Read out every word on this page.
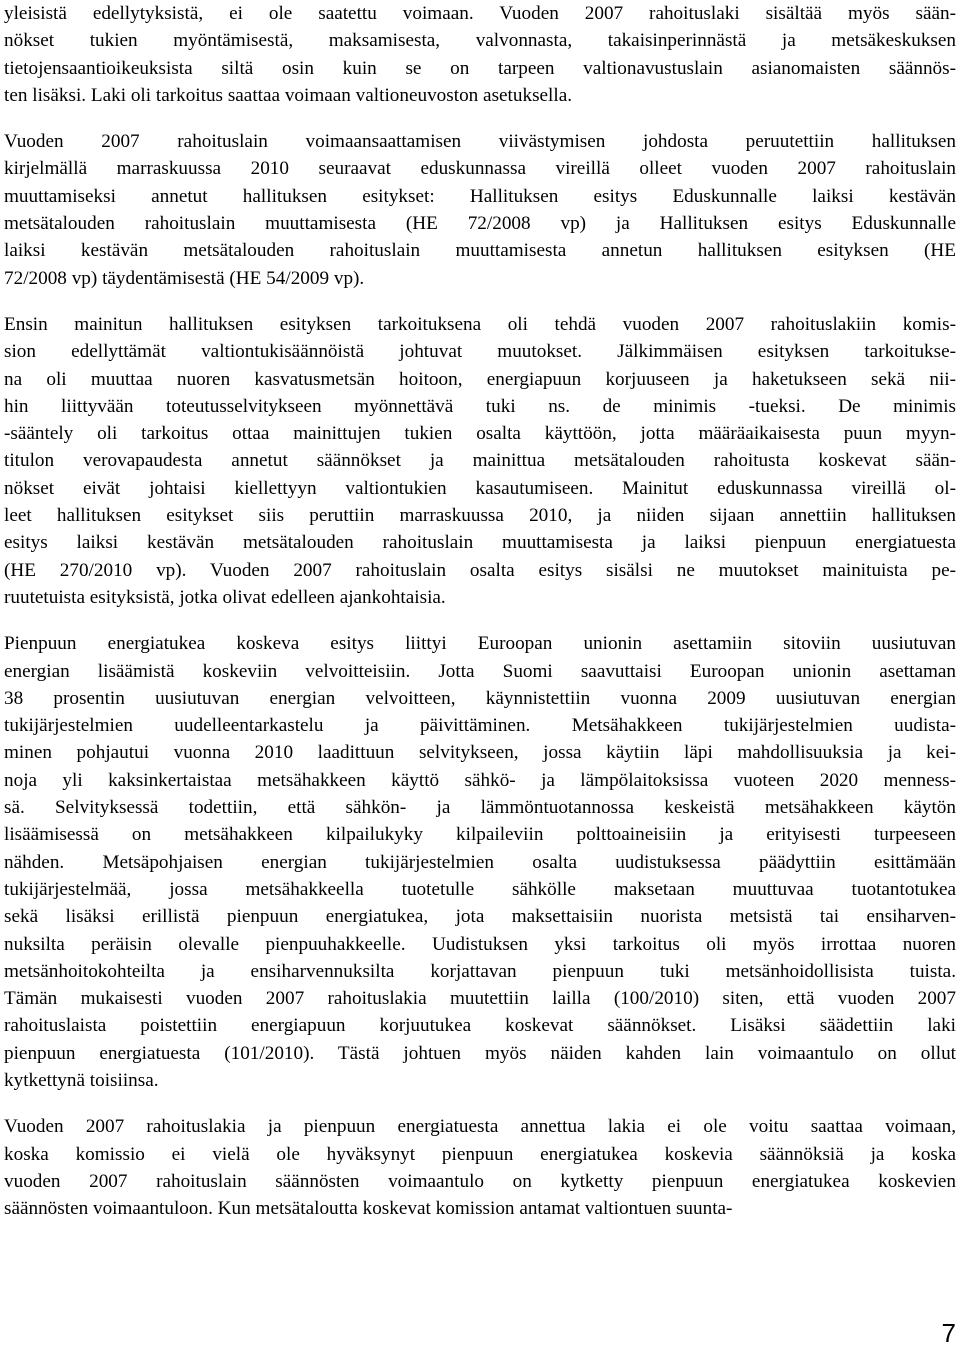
yleisistä edellytyksistä, ei ole saatettu voimaan. Vuoden 2007 rahoituslaki sisältää myös sään-
nökset tukien myöntämisestä, maksamisesta, valvonnasta, takaisinperinnästä ja metsäkeskuksen
tietojensaantioikeuksista siltä osin kuin se on tarpeen valtionavustuslain asianomaisten säännös-
ten lisäksi. Laki oli tarkoitus saattaa voimaan valtioneuvoston asetuksella.

Vuoden 2007 rahoituslain voimaansaattamisen viivästymisen johdosta peruutettiin hallituksen
kirjelmällä marraskuussa 2010 seuraavat eduskunnassa vireillä olleet vuoden 2007 rahoituslain
muuttamiseksi annetut hallituksen esitykset: Hallituksen esitys Eduskunnalle laiksi kestävän
metsätalouden rahoituslain muuttamisesta (HE 72/2008 vp) ja Hallituksen esitys Eduskunnalle
laiksi kestävän metsätalouden rahoituslain muuttamisesta annetun hallituksen esityksen (HE
72/2008 vp) täydentämisestä (HE 54/2009 vp).

Ensin mainitun hallituksen esityksen tarkoituksena oli tehdä vuoden 2007 rahoituslakiin komis-
sion edellyttämät valtiontukisäännöistä johtuvat muutokset. Jälkimmäisen esityksen tarkoitukse-
na oli muuttaa nuoren kasvatusmetsän hoitoon, energiapuun korjuuseen ja haketukseen sekä nii-
hin liittyvään toteutusselvitykseen myönnettävä tuki ns. de minimis -tueksi. De minimis
-sääntely oli tarkoitus ottaa mainittujen tukien osalta käyttöön, jotta määräaikaisesta puun myyn-
titulon verovapaudesta annetut säännökset ja mainittua metsätalouden rahoitusta koskevat sään-
nökset eivät johtaisi kiellettyyn valtiontukien kasautumiseen. Mainitut eduskunnassa vireillä ol-
leet hallituksen esitykset siis peruttiin marraskuussa 2010, ja niiden sijaan annettiin hallituksen
esitys laiksi kestävän metsätalouden rahoituslain muuttamisesta ja laiksi pienpuun energiatuesta
(HE 270/2010 vp). Vuoden 2007 rahoituslain osalta esitys sisälsi ne muutokset mainituista pe-
ruutetuista esityksistä, jotka olivat edelleen ajankohtaisia.

Pienpuun energiatukea koskeva esitys liittyi Euroopan unionin asettamiin sitoviin uusiutuvan
energian lisäämistä koskeviin velvoitteisiin. Jotta Suomi saavuttaisi Euroopan unionin asettaman
38 prosentin uusiutuvan energian velvoitteen, käynnistettiin vuonna 2009 uusiutuvan energian
tukijärjestelmien uudelleentarkastelu ja päivittäminen. Metsähakkeen tukijärjestelmien uudista-
minen pohjautui vuonna 2010 laadittuun selvitykseen, jossa käytiin läpi mahdollisuuksia ja kei-
noja yli kaksinkertaistaa metsähakkeen käyttö sähkö- ja lämpölaitoksissa vuoteen 2020 menness-
sä. Selvityksessä todettiin, että sähkön- ja lämmöntuotannossa keskeistä metsähakkeen käytön
lisäämisessä on metsähakkeen kilpailukyky kilpaileviin polttoaineisiin ja erityisesti turpeeseen
nähden. Metsäpohjaisen energian tukijärjestelmien osalta uudistuksessa päädyttiin esittämään
tukijärjestelmää, jossa metsähakkeella tuotetulle sähkölle maksetaan muuttuvaa tuotantotukea
sekä lisäksi erillistä pienpuun energiatukea, jota maksettaisiin nuorista metsistä tai ensiharven-
nuksilta peräisin olevalle pienpuuhakkeelle. Uudistuksen yksi tarkoitus oli myös irrottaa nuoren
metsänhoitokohteilta ja ensiharvennuksilta korjattavan pienpuun tuki metsänhoidollisista tuista.
Tämän mukaisesti vuoden 2007 rahoituslakia muutettiin lailla (100/2010) siten, että vuoden 2007
rahoituslaista poistettiin energiapuun korjuutukea koskevat säännökset. Lisäksi säädettiin laki
pienpuun energiatuesta (101/2010). Tästä johtuen myös näiden kahden lain voimaantulo on ollut
kytkettynä toisiinsa.

Vuoden 2007 rahoituslakia ja pienpuun energiatuesta annettua lakia ei ole voitu saattaa voimaan,
koska komissio ei vielä ole hyväksynyt pienpuun energiatukea koskevia säännöksiä ja koska
vuoden 2007 rahoituslain säännösten voimaantulo on kytketty pienpuun energiatukea koskevien
säännösten voimaantuloon. Kun metsätaloutta koskevat komission antamat valtiontuen suunta-

7
